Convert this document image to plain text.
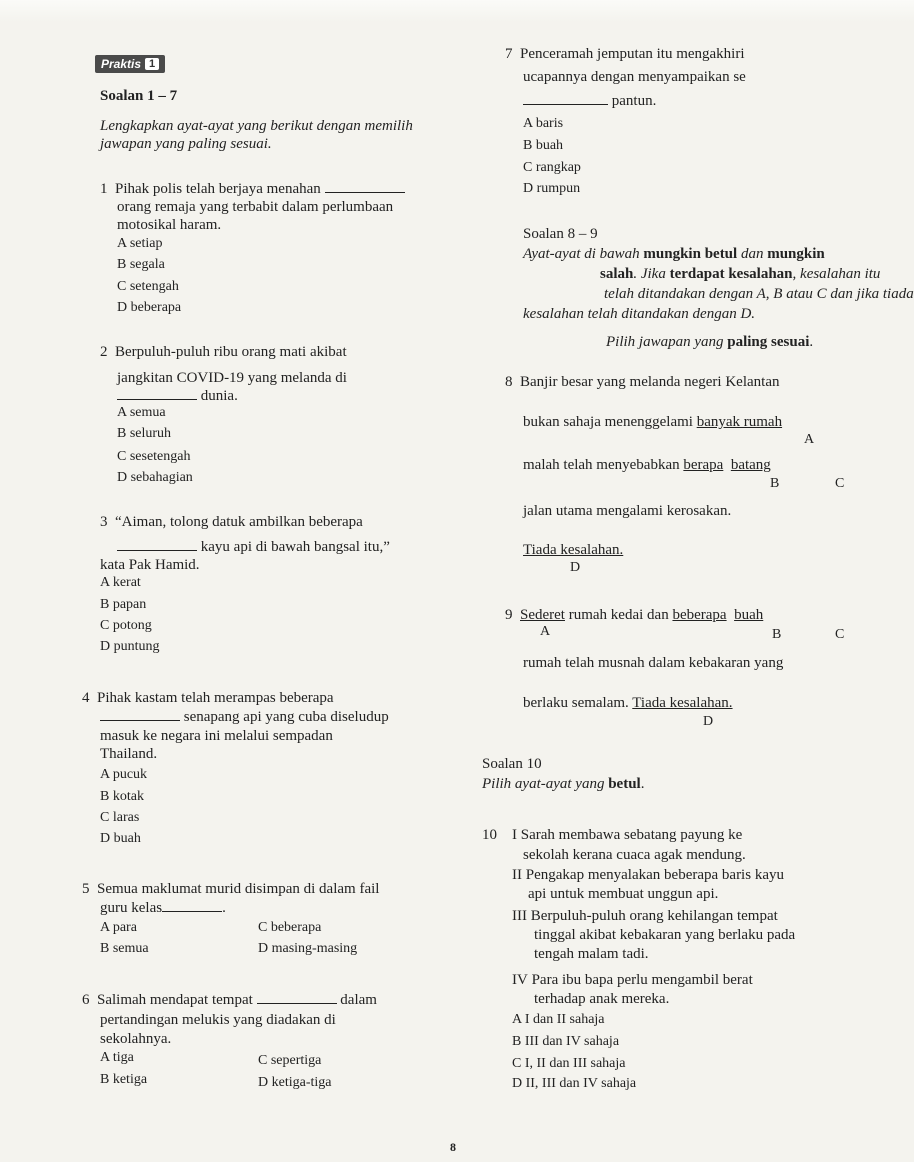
Praktis 1
Soalan 1 – 7
Lengkapkan ayat-ayat yang berikut dengan memilih
jawapan yang paling sesuai.
1 Pihak polis telah berjaya menahan
orang remaja yang terbabit dalam perlumbaan
motosikal haram.
A setiap
B segala
C setengah
D beberapa
2 Berpuluh-puluh ribu orang mati akibat
jangkitan COVID-19 yang melanda di
dunia.
A semua
B seluruh
C sesetengah
D sebahagian
3 “Aiman, tolong datuk ambilkan beberapa
kayu api di bawah bangsal itu,”
kata Pak Hamid.
A kerat
B papan
C potong
D puntung
4 Pihak kastam telah merampas beberapa
senapang api yang cuba diseludup
masuk ke negara ini melalui sempadan
Thailand.
A pucuk
B kotak
C laras
D buah
5 Semua maklumat murid disimpan di dalam fail
guru kelas	.
A para	C beberapa
B semua	D masing-masing
6 Salimah mendapat tempat	dalam
pertandingan melukis yang diadakan di
sekolahnya.
A tiga	C sepertiga
B ketiga	D ketiga-tiga
7 Penceramah jemputan itu mengakhiri
ucapannya dengan menyampaikan se
pantun.
A baris
B buah
C rangkap
D rumpun
Soalan 8 – 9
Ayat-ayat di bawah mungkin betul dan mungkin
salah. Jika terdapat kesalahan, kesalahan itu
telah ditandakan dengan A, B atau C dan jika tiada
kesalahan telah ditandakan dengan D.
Pilih jawapan yang paling sesuai.
8 Banjir besar yang melanda negeri Kelantan
bukan sahaja menenggelami banyak rumah
A
malah telah menyebabkan berapa batang
B	C
jalan utama mengalami kerosakan.
Tiada kesalahan.
D
9 Sederet rumah kedai dan beberapa buah
A	B	C
rumah telah musnah dalam kebakaran yang
berlaku semalam. Tiada kesalahan.
D
Soalan 10
Pilih ayat-ayat yang betul.
10 I Sarah membawa sebatang payung ke
sekolah kerana cuaca agak mendung.
II Pengakap menyalakan beberapa baris kayu
api untuk membuat unggun api.
III Berpuluh-puluh orang kehilangan tempat
tinggal akibat kebakaran yang berlaku pada
tengah malam tadi.
IV Para ibu bapa perlu mengambil berat
terhadap anak mereka.
A I dan II sahaja
B III dan IV sahaja
C I, II dan III sahaja
D II, III dan IV sahaja
8
